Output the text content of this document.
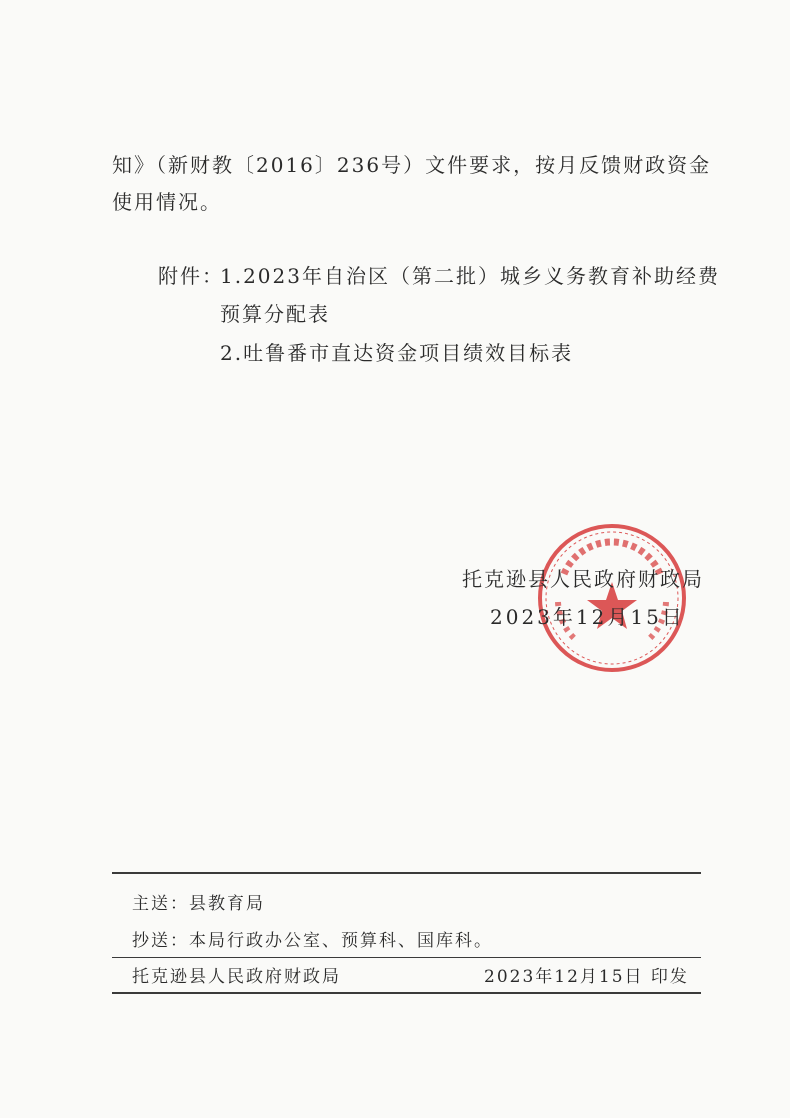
知》（新财教〔2016〕236号）文件要求，按月反馈财政资金
使用情况。
附件：
1.2023年自治区（第二批）城乡义务教育补助经费
预算分配表
2.吐鲁番市直达资金项目绩效目标表
托克逊县人民政府财政局
2023年12月15日
主送：县教育局
抄送：本局行政办公室、预算科、国库科。
托克逊县人民政府财政局	2023年12月15日 印发
